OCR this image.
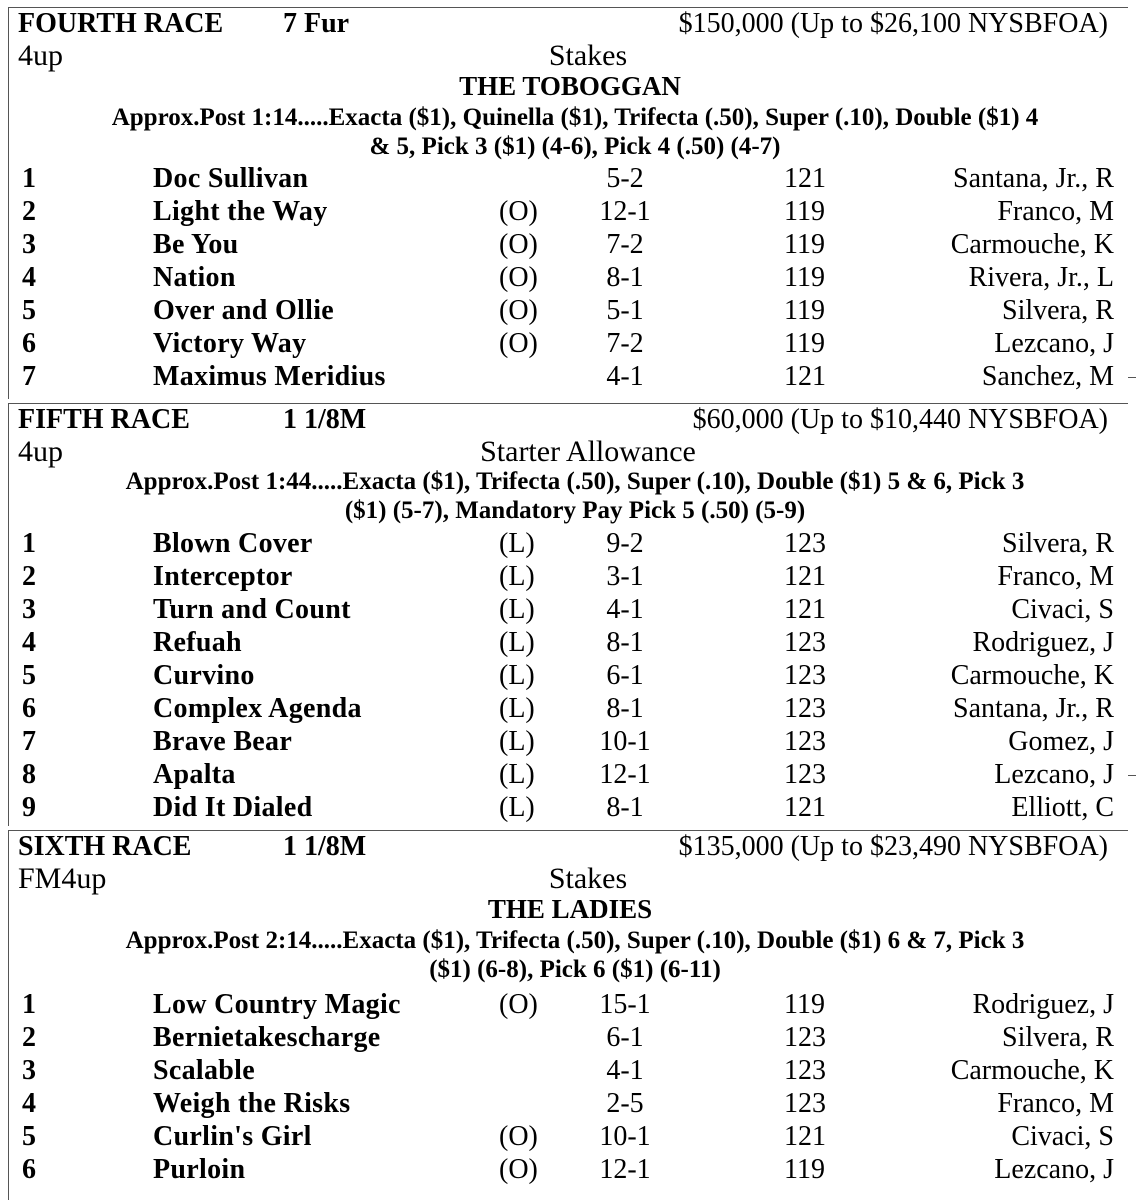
FOURTH RACE 7 Fur	$150,000 (Up to $26,100 NYSBFOA)
4up	Stakes
THE TOBOGGAN
Approx.Post 1:14.....Exacta ($1), Quinella ($1), Trifecta (.50), Super (.10), Double ($1) 4
& 5, Pick 3 ($1) (4-6), Pick 4 (.50) (4-7)
1	Doc Sullivan	5-2	121	Santana, Jr., R
2	Light the Way	(O)	12-1	119	Franco, M
3	Be You	(O)	7-2	119	Carmouche, K
4	Nation	(O)	8-1	119	Rivera, Jr., L
5	Over and Ollie	(O)	5-1	119	Silvera, R
6	Victory Way	(O)	7-2	119	Lezcano, J
7	Maximus Meridius	4-1	121	Sanchez, M
FIFTH RACE	1 1/8M	$60,000 (Up to $10,440 NYSBFOA)
4up	Starter Allowance
Approx.Post 1:44.....Exacta ($1), Trifecta (.50), Super (.10), Double ($1) 5 & 6, Pick 3
($1) (5-7), Mandatory Pay Pick 5 (.50) (5-9)
1	Blown Cover	(L)	9-2	123	Silvera, R
2	Interceptor	(L)	3-1	121	Franco, M
3	Turn and Count	(L)	4-1	121	Civaci, S
4	Refuah	(L)	8-1	123	Rodriguez, J
5	Curvino	(L)	6-1	123	Carmouche, K
6	Complex Agenda	(L)	8-1	123	Santana, Jr., R
7	Brave Bear	(L)	10-1	123	Gomez, J
8	Apalta	(L)	12-1	123	Lezcano, J
9	Did It Dialed	(L)	8-1	121	Elliott, C
SIXTH RACE	1 1/8M	$135,000 (Up to $23,490 NYSBFOA)
FM4up	Stakes
THE LADIES
Approx.Post 2:14.....Exacta ($1), Trifecta (.50), Super (.10), Double ($1) 6 & 7, Pick 3
($1) (6-8), Pick 6 ($1) (6-11)
1	Low Country Magic	(O)	15-1	119	Rodriguez, J
2	Bernietakescharge	6-1	123	Silvera, R
3	Scalable	4-1	123	Carmouche, K
4	Weigh the Risks	2-5	123	Franco, M
5	Curlin's Girl	(O)	10-1	121	Civaci, S
6	Purloin	(O)	12-1	119	Lezcano, J
